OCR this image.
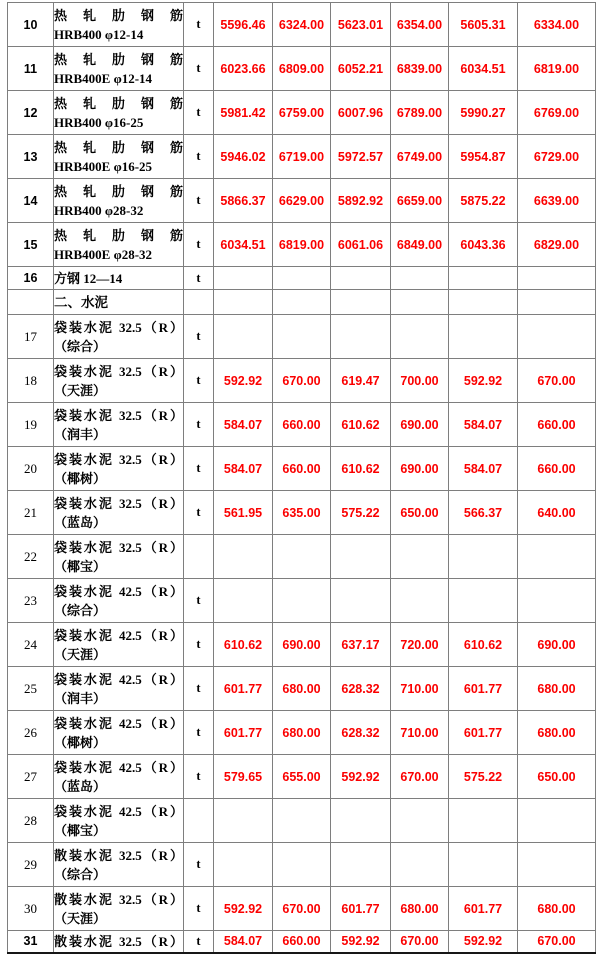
10	热 轧 肋 钢 筋
HRB400 φ12-14	t	5596.46	6324.00	5623.01	6354.00	5605.31	6334.00
11	热 轧 肋 钢 筋
HRB400E φ12-14	t	6023.66	6809.00	6052.21	6839.00	6034.51	6819.00
12	热 轧 肋 钢 筋
HRB400 φ16-25	t	5981.42	6759.00	6007.96	6789.00	5990.27	6769.00
13	热 轧 肋 钢 筋
HRB400E φ16-25	t	5946.02	6719.00	5972.57	6749.00	5954.87	6729.00
14	热 轧 肋 钢 筋
HRB400 φ28-32	t	5866.37	6629.00	5892.92	6659.00	5875.22	6639.00
15	热 轧 肋 钢 筋
HRB400E φ28-32	t	6034.51	6819.00	6061.06	6849.00	6043.36	6829.00
16	方钢 12—14	t						

	二、水泥							

17	袋装水泥 32.5（R）
（综合）	t						
18	袋装水泥 32.5（R）
（天涯）	t	592.92	670.00	619.47	700.00	592.92	670.00
19	袋装水泥 32.5（R）
（润丰）	t	584.07	660.00	610.62	690.00	584.07	660.00
20	袋装水泥 32.5（R）
（椰树）	t	584.07	660.00	610.62	690.00	584.07	660.00
21	袋装水泥 32.5（R）
（蓝岛）	t	561.95	635.00	575.22	650.00	566.37	640.00
22	袋装水泥 32.5（R）
（椰宝）							

23	袋装水泥 42.5（R）
（综合）	t						
24	袋装水泥 42.5（R）
（天涯）	t	610.62	690.00	637.17	720.00	610.62	690.00
25	袋装水泥 42.5（R）
（润丰）	t	601.77	680.00	628.32	710.00	601.77	680.00
26	袋装水泥 42.5（R）
（椰树）	t	601.77	680.00	628.32	710.00	601.77	680.00
27	袋装水泥 42.5（R）
（蓝岛）	t	579.65	655.00	592.92	670.00	575.22	650.00
28	袋装水泥 42.5（R）
（椰宝）							

29	散装水泥 32.5（R）
（综合）	t						
30	散装水泥 32.5（R）
（天涯）	t	592.92	670.00	601.77	680.00	601.77	680.00
31	散装水泥 32.5（R）	t	584.07	660.00	592.92	670.00	592.92	670.00
